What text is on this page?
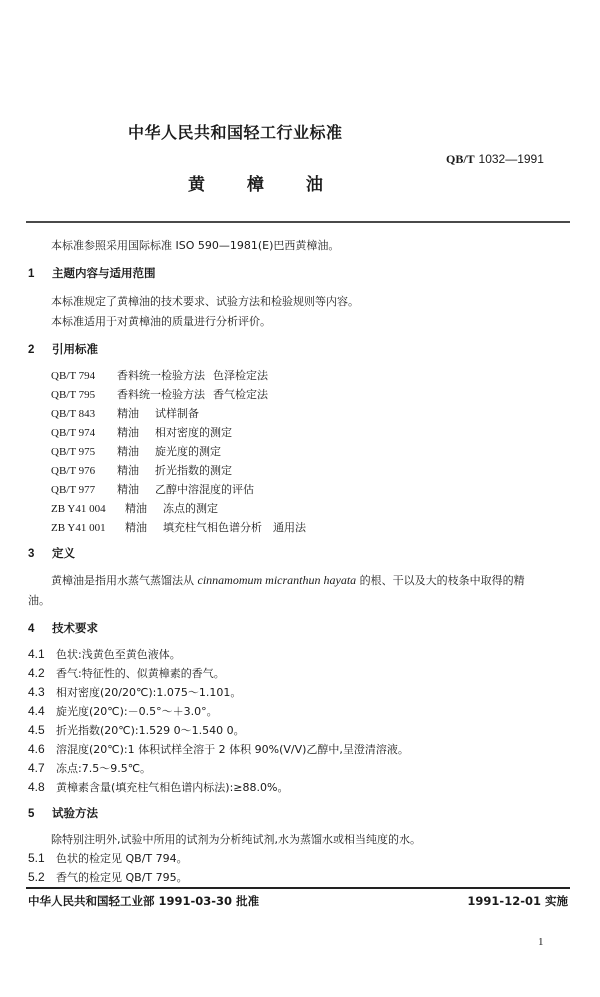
中华人民共和国轻工行业标准
QB/T 1032—1991
黄 樟 油
本标准参照采用国际标准 ISO 590—1981(E)巴西黄樟油。
1 主题内容与适用范围
本标准规定了黄樟油的技术要求、试验方法和检验规则等内容。
本标准适用于对黄樟油的质量进行分析评价。
2 引用标准
QB/T 794 香料统一检验方法 色泽检定法
QB/T 795 香料统一检验方法 香气检定法
QB/T 843 精油 试样制备
QB/T 974 精油 相对密度的测定
QB/T 975 精油 旋光度的测定
QB/T 976 精油 折光指数的测定
QB/T 977 精油 乙醇中溶混度的评估
ZB Y41 004 精油 冻点的测定
ZB Y41 001 精油 填充柱气相色谱分析　通用法
3 定义
黄樟油是指用水蒸气蒸馏法从 cinnamomum micranthun hayata 的根、干以及大的枝条中取得的精
油。
4 技术要求
4.1 色状:浅黄色至黄色液体。
4.2 香气:特征性的、似黄樟素的香气。
4.3 相对密度(20/20℃):1.075～1.101。
4.4 旋光度(20℃):－0.5°～＋3.0°。
4.5 折光指数(20℃):1.529 0～1.540 0。
4.6 溶混度(20℃):1 体积试样全溶于 2 体积 90%(V/V)乙醇中,呈澄清溶液。
4.7 冻点:7.5～9.5℃。
4.8 黄樟素含量(填充柱气相色谱内标法):≥88.0%。
5 试验方法
除特别注明外,试验中所用的试剂为分析纯试剂,水为蒸馏水或相当纯度的水。
5.1 色状的检定见 QB/T 794。
5.2 香气的检定见 QB/T 795。
中华人民共和国轻工业部 1991-03-30 批准	1991-12-01 实施
1
